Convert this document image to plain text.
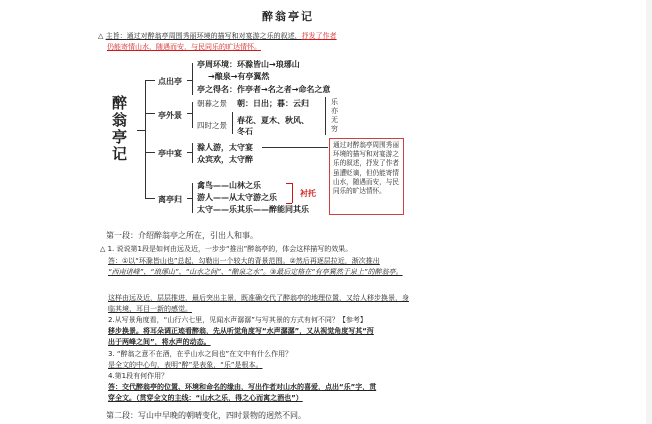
醉翁亭记
△ 主旨：通过对醉翁亭周围秀丽环境的描写和对宴游之乐的叙述，抒发了作者
仍能寄情山水，随遇而安，与民同乐的旷达情怀。
醉
翁
亭
记
点出亭
亭外景
亭中宴
离亭归
亭周环境：环滁皆山→琅琊山
→酿泉→有亭翼然
亭之得名：作亭者→名之者→命名之意
朝暮之景 朝：日出；暮：云归
四时之景
春花、夏木、秋风、
冬石
乐
亦
无
穷
滁人游，太守宴
众宾欢，太守醉
通过对醉翁亭周围秀丽环境的描写和对宴游之乐的叙述，抒发了作者虽遭贬谪，但仍能寄情山水，随遇而安，与民同乐的旷达情怀。
禽鸟——山林之乐
游人——从太守游之乐
太守——乐其乐——醉能同其乐
衬托
第一段：介绍醉翁亭之所在，引出人和事。
△ 1. 说说第1段是如何由远及近，一步步“推出”醉翁亭的，体会这样描写的效果。
答：①以“环滁皆山也”总起，勾勒出一个较大的背景范围。②然后再逐层拉近，渐次推出
“西南诸峰”、“琅琊山”、“山水之间”、“酿泉之水”。③最后定格在“有亭翼然于泉上”的醉翁亭。
这样由远及近，层层推进，最后突出主景，既准确交代了醉翁亭的地理位置，又给人移步换景，身
临其境、耳目一新的感觉。
2.从写景角度看，“山行六七里，见闻水声潺潺”与写其景的方式有何不同？【参考】
移步换景。将耳朵调正迹看醉翁，先从听觉角度写“水声潺潺”，又从视觉角度写其“泻
出于两峰之间”，将水声的动态。
3. “醉翁之意不在酒，在乎山水之间也”在文中有什么作用？
是全文的中心句，表明“醉”是表象，“乐”是根本。
4.第1段有何作用？
答：交代醉翁亭的位置、环境和命名的缘由，写出作者对山水的喜爱，点出“乐”字，贯
穿全文。（贯穿全文的主线：“山水之乐，得之心而寓之酒也”）
第二段：写山中早晚的朝晴变化，四时景物的迥然不同。
